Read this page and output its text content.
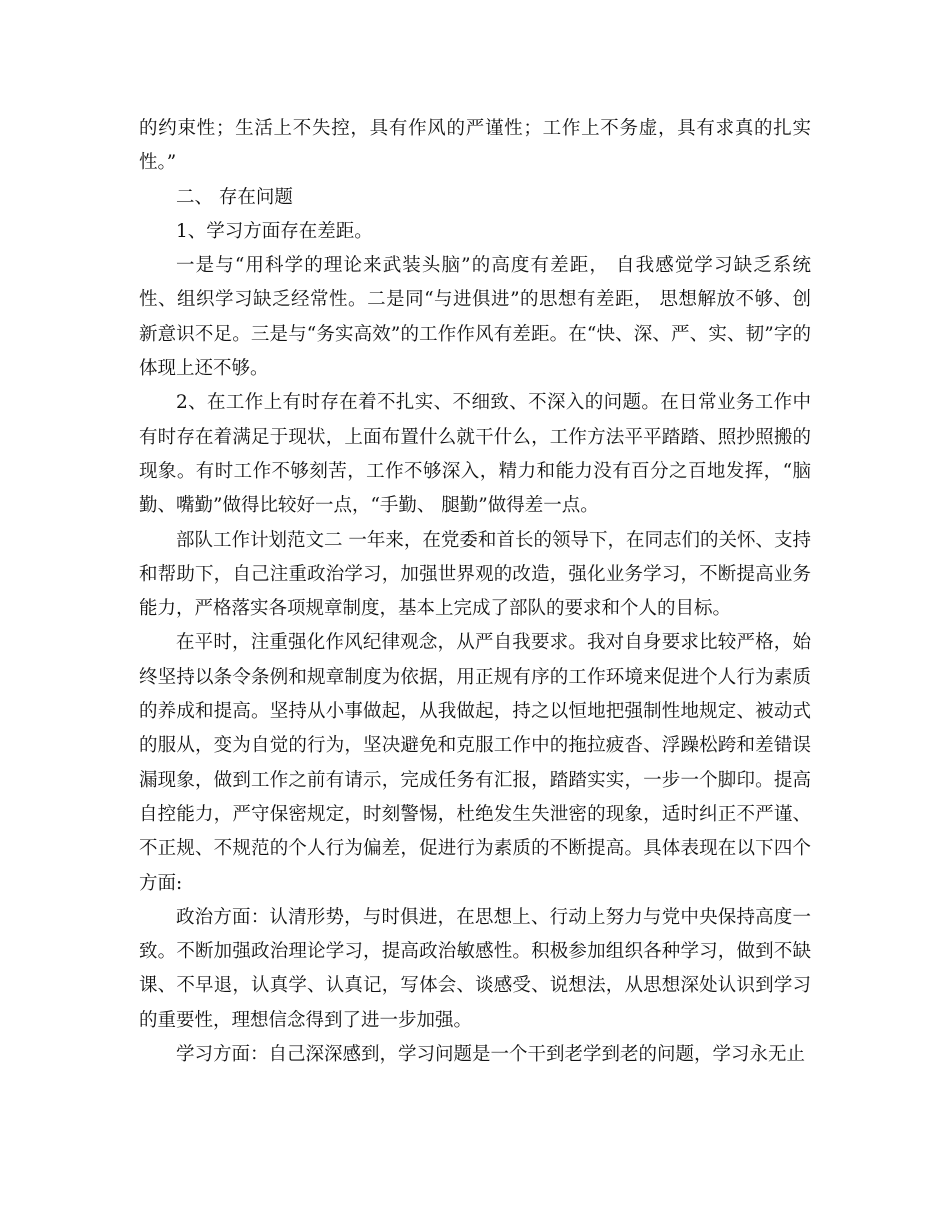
的约束性；生活上不失控，具有作风的严谨性；工作上不务虚，具有求真的扎实性。”

二、 存在问题

1、学习方面存在差距。

一是与“用科学的理论来武装头脑”的高度有差距， 自我感觉学习缺乏系统性、组织学习缺乏经常性。二是同“与进俱进”的思想有差距， 思想解放不够、创新意识不足。三是与“务实高效”的工作作风有差距。在“快、深、严、实、韧”字的体现上还不够。

2、在工作上有时存在着不扎实、不细致、不深入的问题。在日常业务工作中有时存在着满足于现状，上面布置什么就干什么，工作方法平平踏踏、照抄照搬的现象。有时工作不够刻苦，工作不够深入，精力和能力没有百分之百地发挥，“脑勤、嘴勤”做得比较好一点，“手勤、 腿勤”做得差一点。

部队工作计划范文二 一年来，在党委和首长的领导下，在同志们的关怀、支持和帮助下，自己注重政治学习，加强世界观的改造，强化业务学习，不断提高业务能力，严格落实各项规章制度，基本上完成了部队的要求和个人的目标。

在平时，注重强化作风纪律观念，从严自我要求。我对自身要求比较严格，始终坚持以条令条例和规章制度为依据，用正规有序的工作环境来促进个人行为素质的养成和提高。坚持从小事做起，从我做起，持之以恒地把强制性地规定、被动式的服从，变为自觉的行为，坚决避免和克服工作中的拖拉疲沓、浮躁松跨和差错误漏现象，做到工作之前有请示，完成任务有汇报，踏踏实实，一步一个脚印。提高自控能力，严守保密规定，时刻警惕，杜绝发生失泄密的现象，适时纠正不严谨、不正规、不规范的个人行为偏差，促进行为素质的不断提高。具体表现在以下四个方面:

政治方面：认清形势，与时俱进，在思想上、行动上努力与党中央保持高度一致。不断加强政治理论学习，提高政治敏感性。积极参加组织各种学习，做到不缺课、不早退，认真学、认真记，写体会、谈感受、说想法，从思想深处认识到学习的重要性，理想信念得到了进一步加强。

学习方面：自己深深感到，学习问题是一个干到老学到老的问题，学习永无止
